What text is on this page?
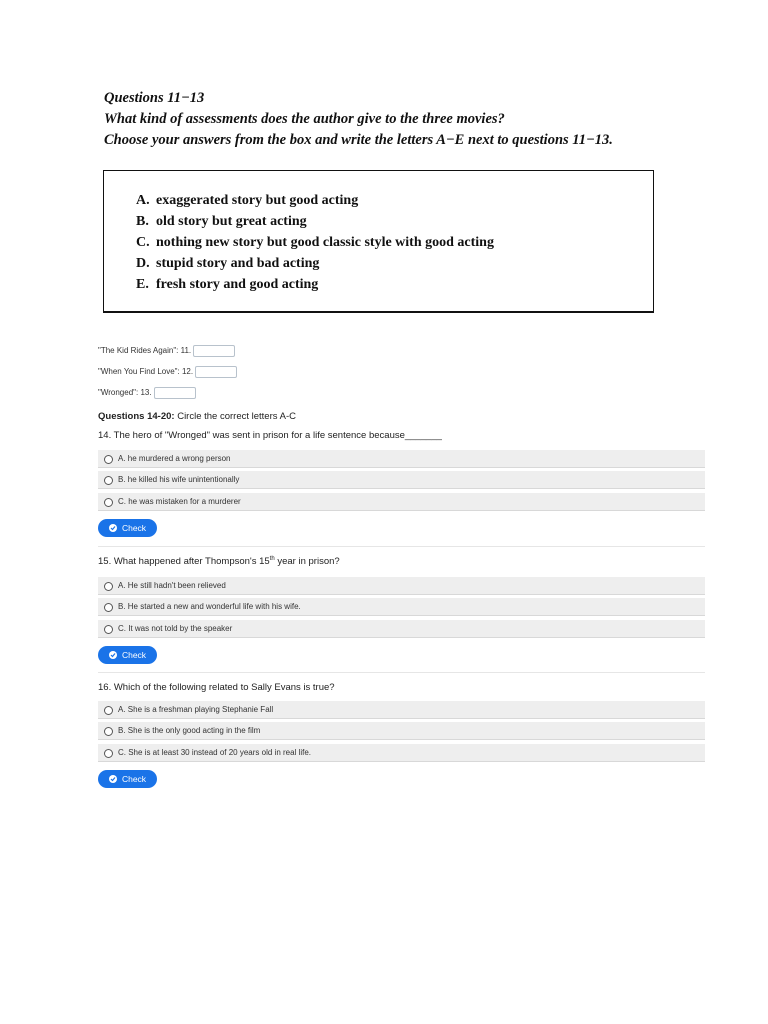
Questions 11−13
What kind of assessments does the author give to the three movies?
Choose your answers from the box and write the letters A−E next to questions 11−13.
A. exaggerated story but good acting
B. old story but great acting
C. nothing new story but good classic style with good acting
D. stupid story and bad acting
E. fresh story and good acting
"The Kid Rides Again": 11.
"When You Find Love": 12.
"Wronged": 13.
Questions 14-20: Circle the correct letters A-C
14. The hero of "Wronged" was sent in prison for a life sentence because_______
A. he murdered a wrong person
B. he killed his wife unintentionally
C. he was mistaken for a murderer
Check
15. What happened after Thompson's 15th year in prison?
A. He still hadn't been relieved
B. He started a new and wonderful life with his wife.
C. It was not told by the speaker
Check
16. Which of the following related to Sally Evans is true?
A. She is a freshman playing Stephanie Fall
B. She is the only good acting in the film
C. She is at least 30 instead of 20 years old in real life.
Check
